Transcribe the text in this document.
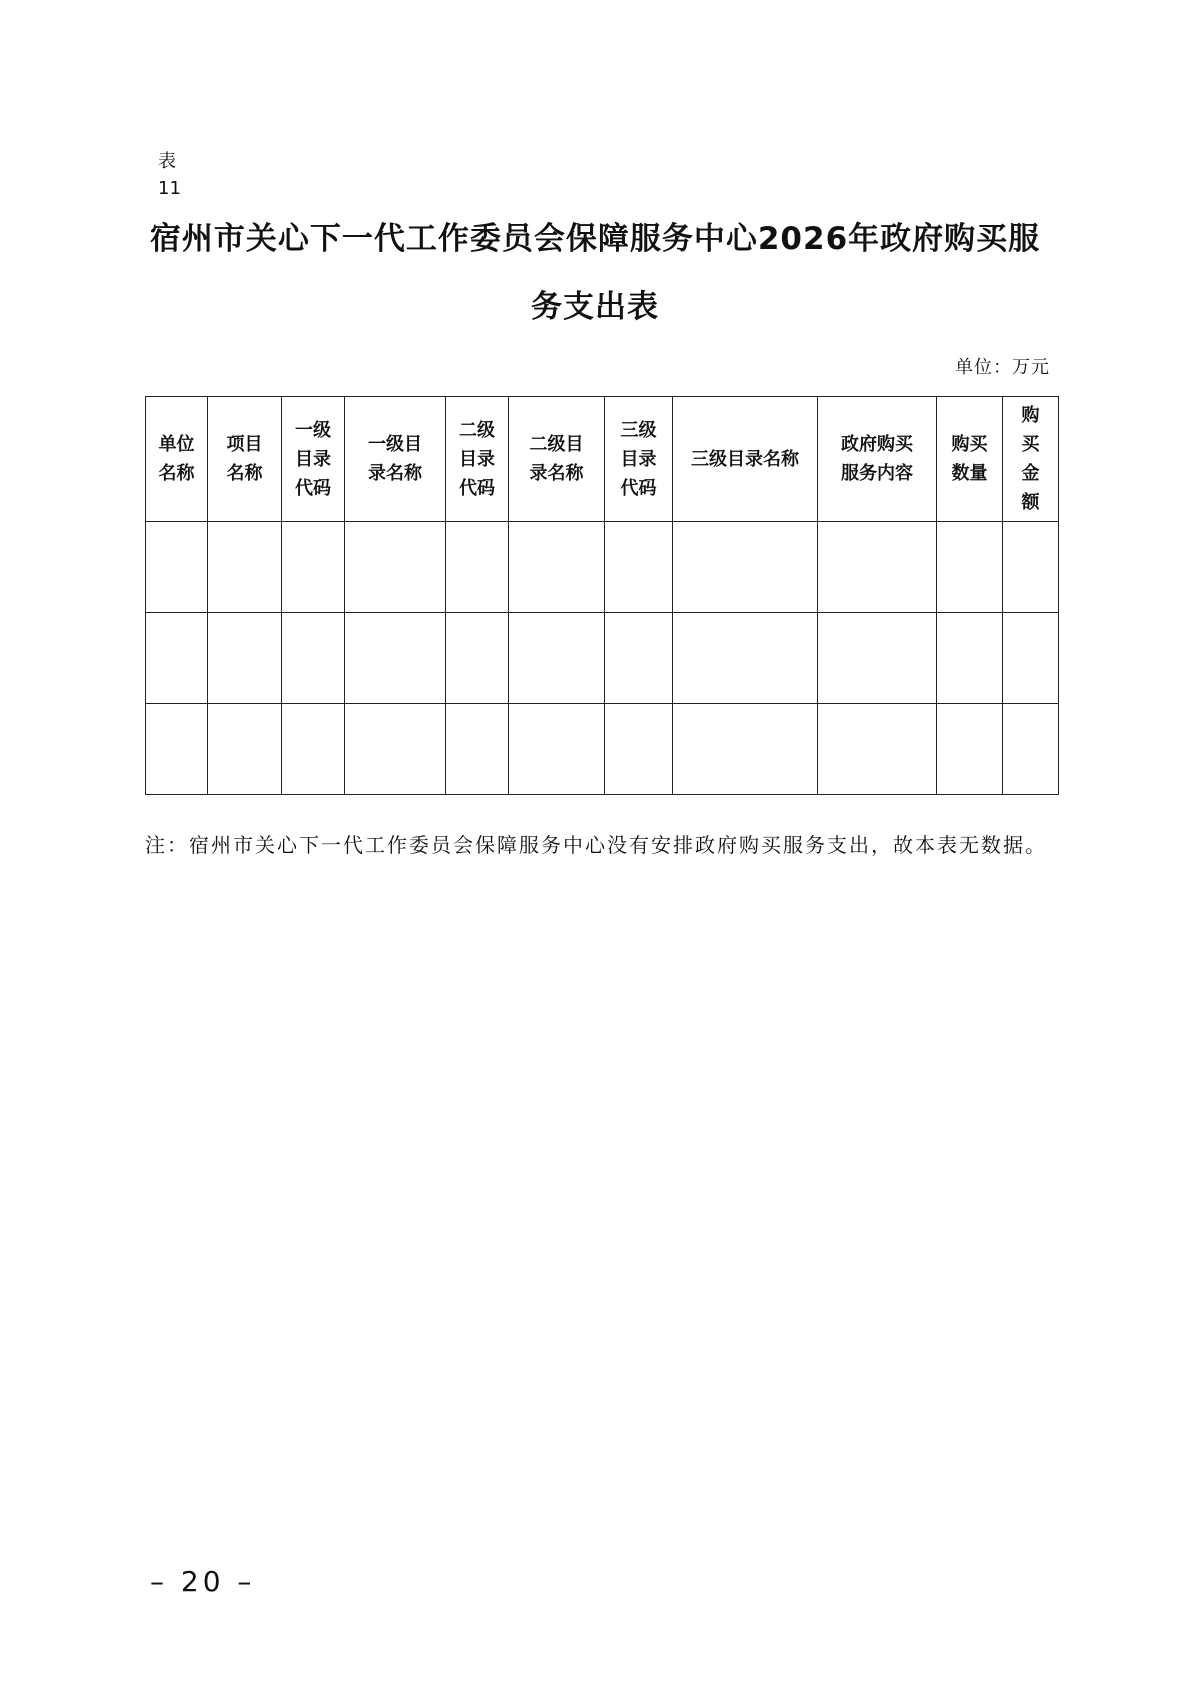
表11
宿州市关心下一代工作委员会保障服务中心2026年政府购买服
务支出表
单位：万元
单位名称	项目名称	一级目录代码	一级目录名称	二级目录代码	二级目录名称	三级目录代码	三级目录名称	政府购买服务内容	购买数量	购买金额

注：宿州市关心下一代工作委员会保障服务中心没有安排政府购买服务支出，故本表无数据。
– 20 –
